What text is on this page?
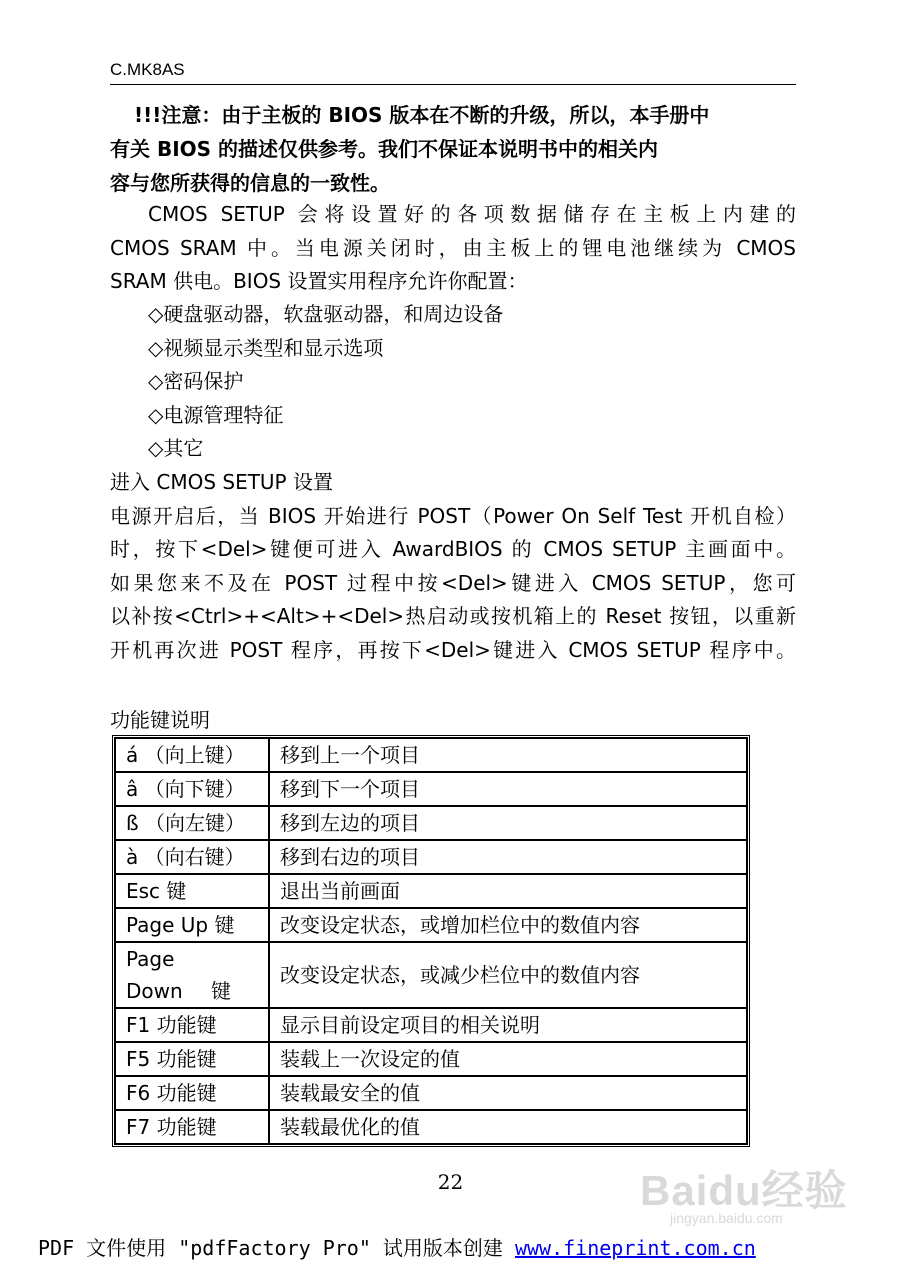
C.MK8AS
!!!注意：由于主板的 BIOS 版本在不断的升级，所以，本手册中
有关 BIOS 的描述仅供参考。我们不保证本说明书中的相关内
容与您所获得的信息的一致性。
CMOS SETUP 会将设置好的各项数据储存在主板上内建的
CMOS SRAM 中。当电源关闭时，由主板上的锂电池继续为 CMOS
SRAM 供电。BIOS 设置实用程序允许你配置：
◇硬盘驱动器，软盘驱动器，和周边设备
◇视频显示类型和显示选项
◇密码保护
◇电源管理特征
◇其它
进入 CMOS SETUP 设置
电源开启后，当 BIOS 开始进行 POST（Power On Self Test 开机自检）
时，按下<Del>键便可进入 AwardBIOS 的 CMOS SETUP 主画面中。
如果您来不及在 POST 过程中按<Del>键进入 CMOS SETUP，您可
以补按<Ctrl>+<Alt>+<Del>热启动或按机箱上的 Reset 按钮，以重新
开机再次进 POST 程序，再按下<Del>键进入 CMOS SETUP 程序中。
功能键说明
á （向上键）	移到上一个项目
â （向下键）	移到下一个项目
ß （向左键）	移到左边的项目
à （向右键）	移到右边的项目
Esc 键	退出当前画面
Page Up 键	改变设定状态，或增加栏位中的数值内容
Page Down 键	改变设定状态，或减少栏位中的数值内容
F1 功能键	显示目前设定项目的相关说明
F5 功能键	装载上一次设定的值
F6 功能键	装载最安全的值
F7 功能键	装载最优化的值
Baidu经验
jingyan.baidu.com
22
PDF 文件使用 "pdfFactory Pro" 试用版本创建 www.fineprint.com.cn
